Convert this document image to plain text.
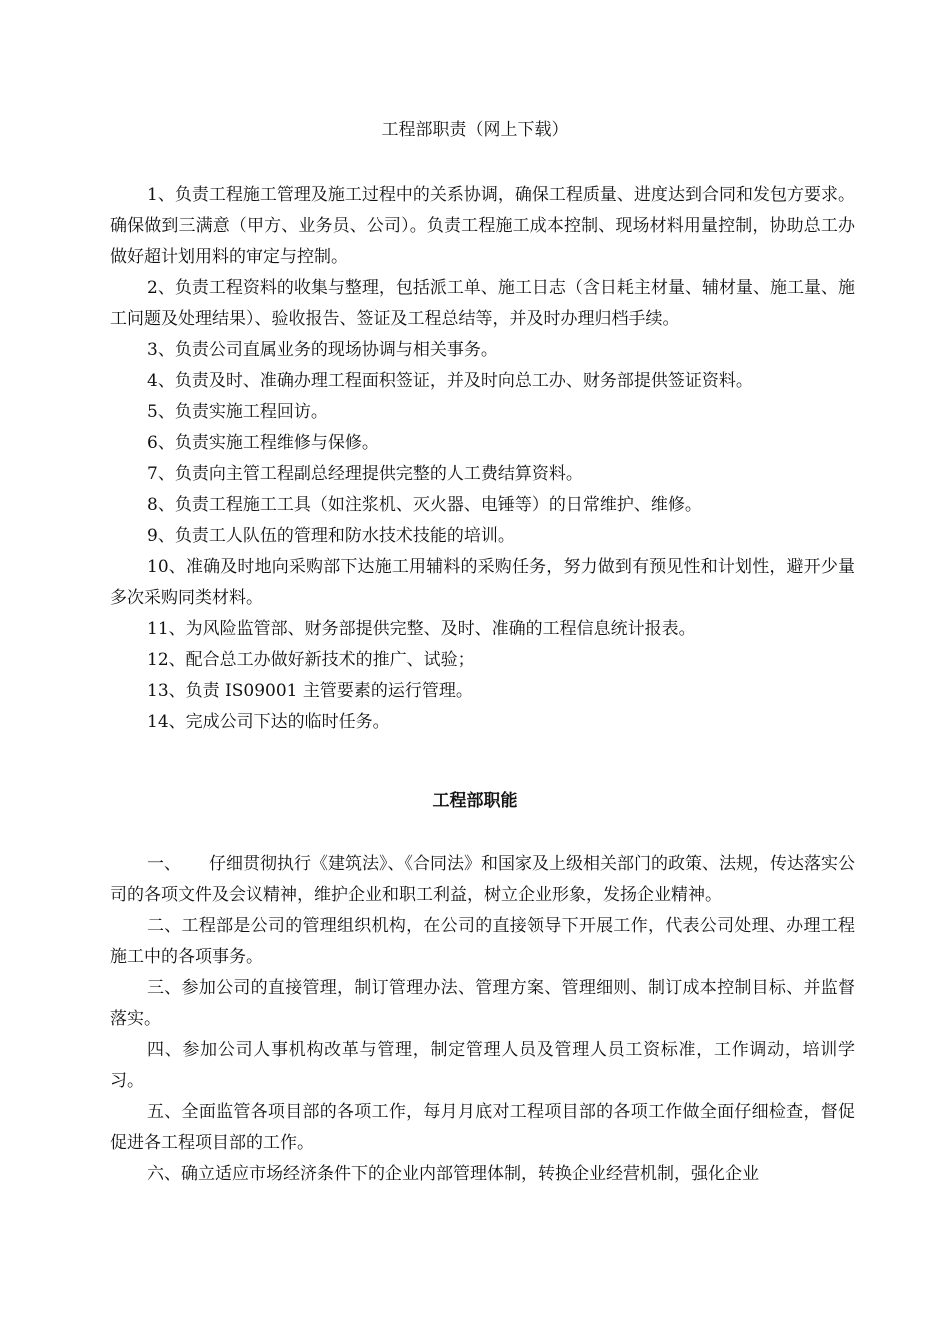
工程部职责（网上下载）

1、负责工程施工管理及施工过程中的关系协调，确保工程质量、进度达到合同和发包方要求。确保做到三满意（甲方、业务员、公司）。负责工程施工成本控制、现场材料用量控制，协助总工办做好超计划用料的审定与控制。

2、负责工程资料的收集与整理，包括派工单、施工日志（含日耗主材量、辅材量、施工量、施工问题及处理结果）、验收报告、签证及工程总结等，并及时办理归档手续。

3、负责公司直属业务的现场协调与相关事务。

4、负责及时、准确办理工程面积签证，并及时向总工办、财务部提供签证资料。

5、负责实施工程回访。

6、负责实施工程维修与保修。

7、负责向主管工程副总经理提供完整的人工费结算资料。

8、负责工程施工工具（如注浆机、灭火器、电锤等）的日常维护、维修。

9、负责工人队伍的管理和防水技术技能的培训。

10、准确及时地向采购部下达施工用辅料的采购任务，努力做到有预见性和计划性，避开少量多次采购同类材料。

11、为风险监管部、财务部提供完整、及时、准确的工程信息统计报表。

12、配合总工办做好新技术的推广、试验；

13、负责 IS09001 主管要素的运行管理。

14、完成公司下达的临时任务。

工程部职能

一、 仔细贯彻执行《建筑法》、《合同法》和国家及上级相关部门的政策、法规，传达落实公司的各项文件及会议精神，维护企业和职工利益，树立企业形象，发扬企业精神。

二、工程部是公司的管理组织机构，在公司的直接领导下开展工作，代表公司处理、办理工程施工中的各项事务。

三、参加公司的直接管理，制订管理办法、管理方案、管理细则、制订成本控制目标、并监督落实。

四、参加公司人事机构改革与管理，制定管理人员及管理人员工资标准，工作调动，培训学习。

五、全面监管各项目部的各项工作，每月月底对工程项目部的各项工作做全面仔细检查，督促促进各工程项目部的工作。

六、确立适应市场经济条件下的企业内部管理体制，转换企业经营机制，强化企业
